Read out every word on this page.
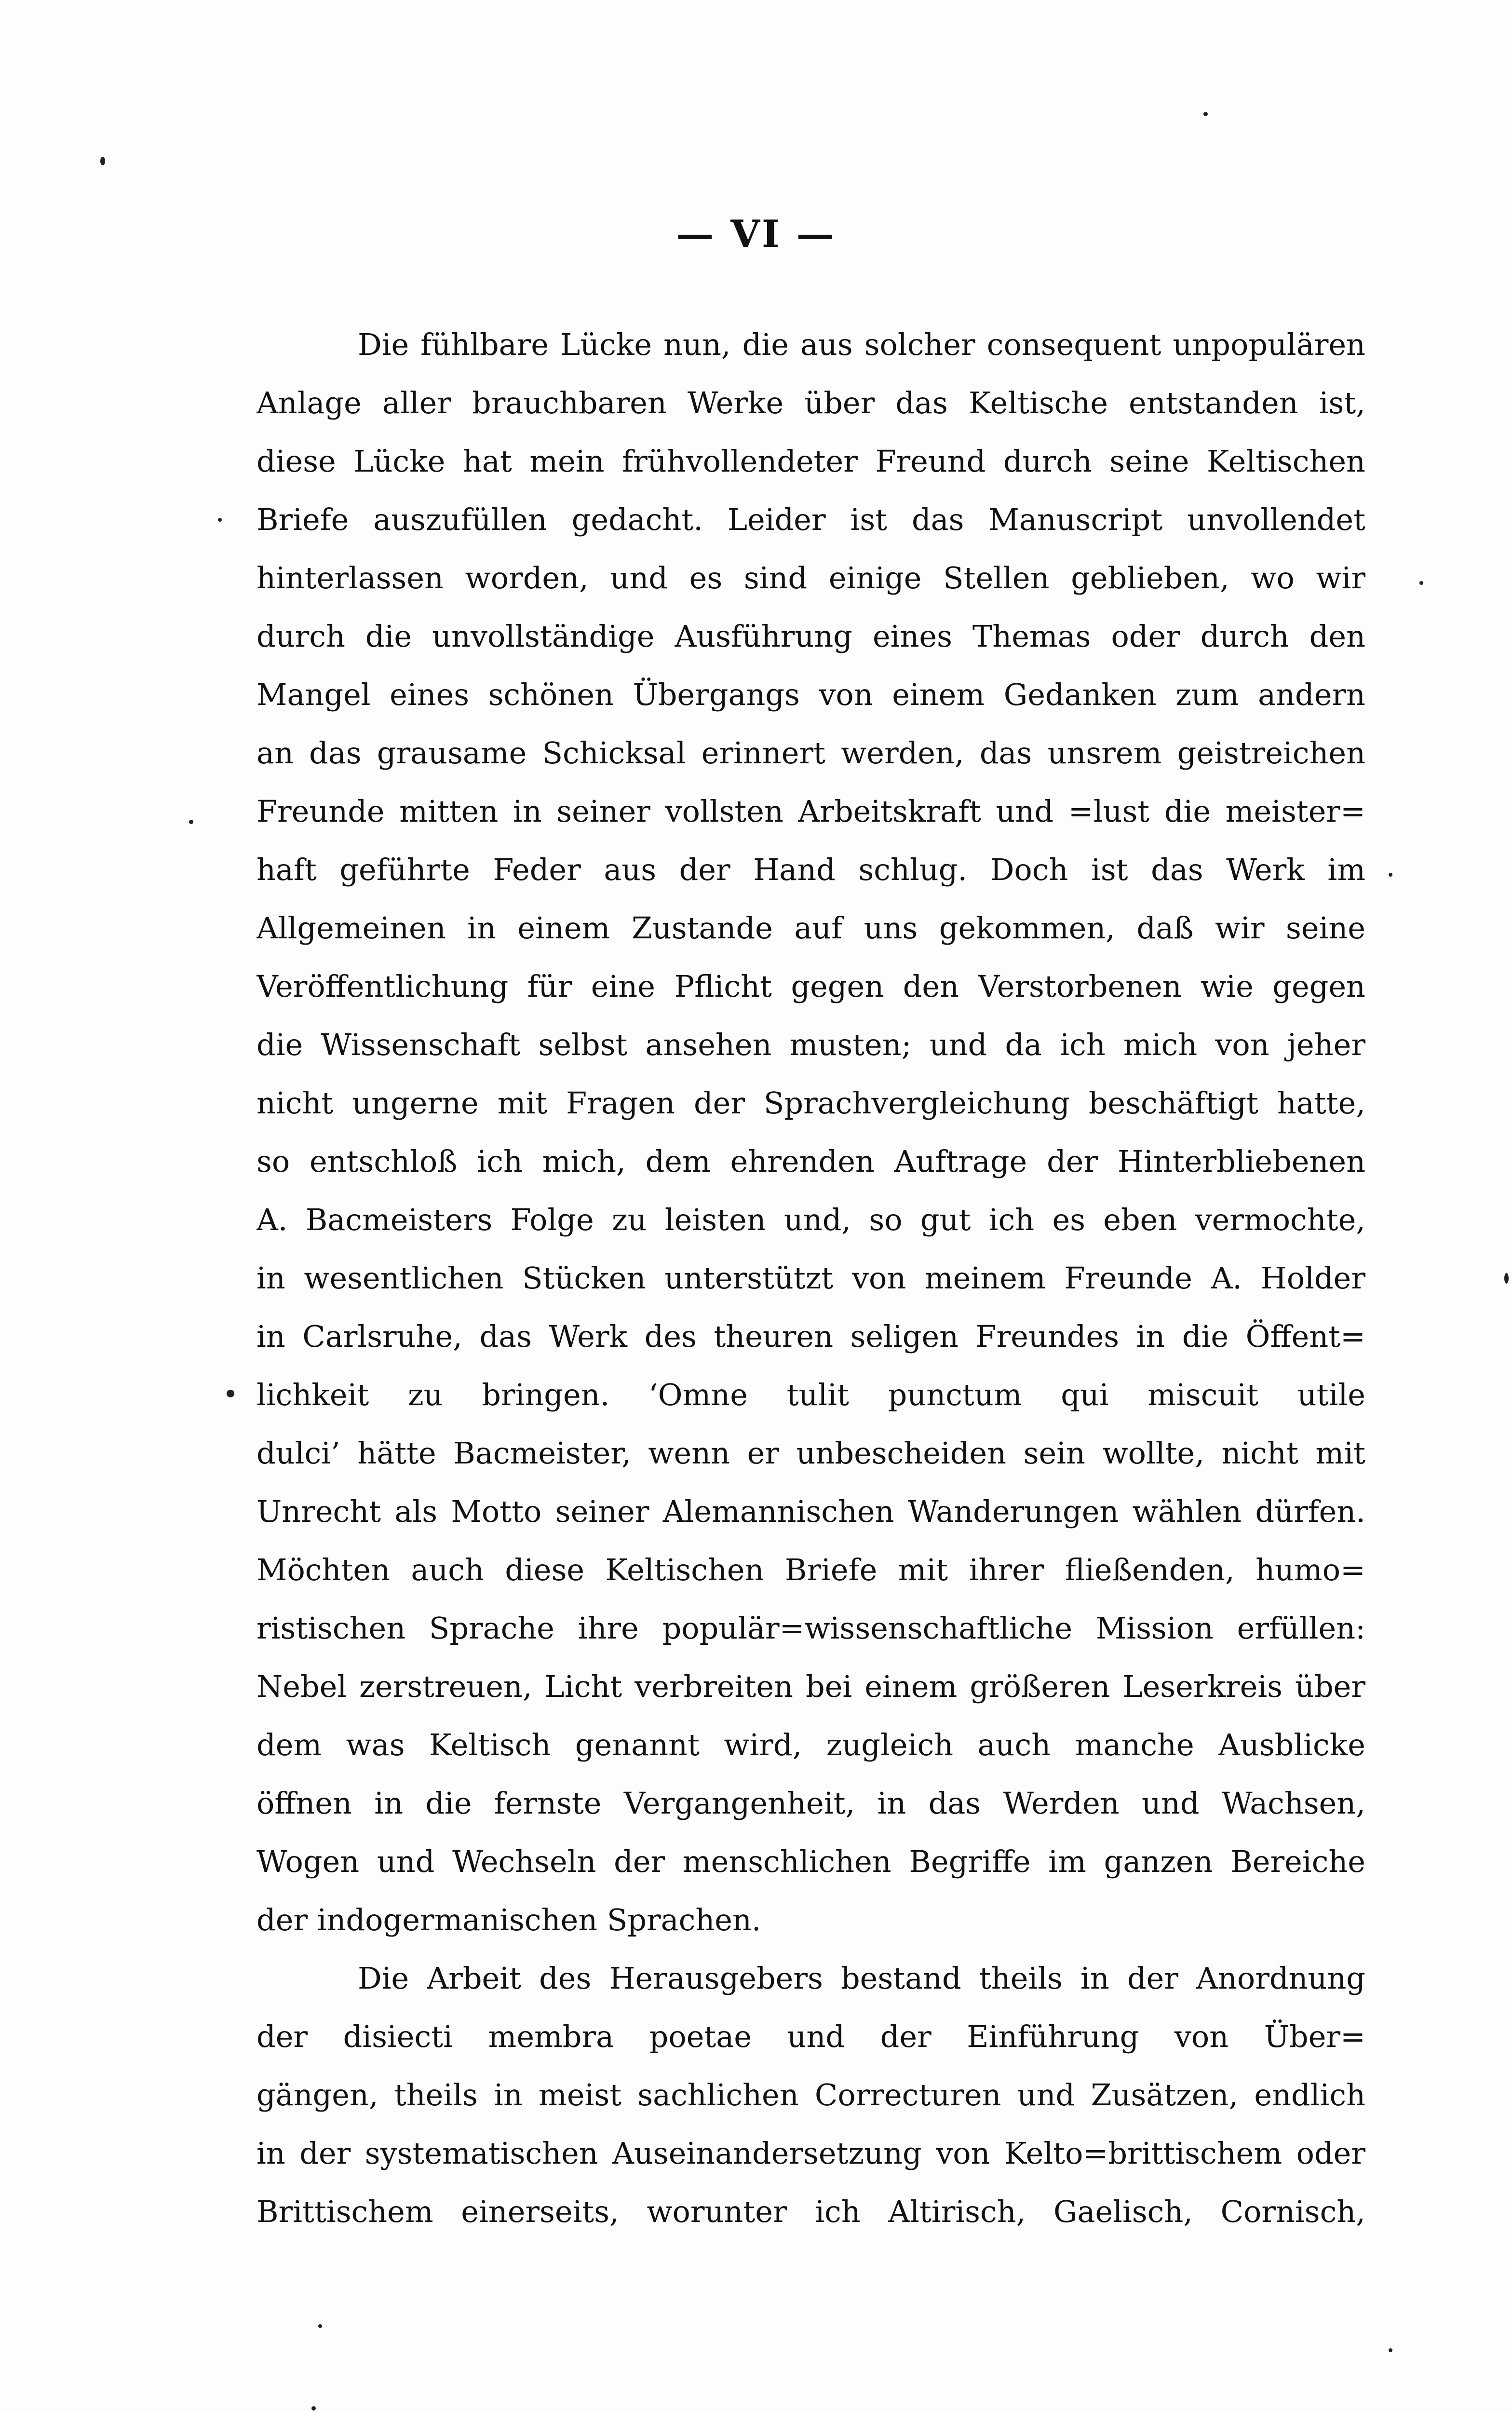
— VI —
Die fühlbare Lücke nun, die aus solcher consequent unpopulären
Anlage aller brauchbaren Werke über das Keltische entstanden ist,
diese Lücke hat mein frühvollendeter Freund durch seine Keltischen
Briefe auszufüllen gedacht. Leider ist das Manuscript unvollendet
hinterlassen worden, und es sind einige Stellen geblieben, wo wir
durch die unvollständige Ausführung eines Themas oder durch den
Mangel eines schönen Übergangs von einem Gedanken zum andern
an das grausame Schicksal erinnert werden, das unsrem geistreichen
Freunde mitten in seiner vollsten Arbeitskraft und =lust die meister=
haft geführte Feder aus der Hand schlug. Doch ist das Werk im
Allgemeinen in einem Zustande auf uns gekommen, daß wir seine
Veröffentlichung für eine Pflicht gegen den Verstorbenen wie gegen
die Wissenschaft selbst ansehen musten; und da ich mich von jeher
nicht ungerne mit Fragen der Sprachvergleichung beschäftigt hatte,
so entschloß ich mich, dem ehrenden Auftrage der Hinterbliebenen
A. Bacmeisters Folge zu leisten und, so gut ich es eben vermochte,
in wesentlichen Stücken unterstützt von meinem Freunde A. Holder
in Carlsruhe, das Werk des theuren seligen Freundes in die Öffent=
lichkeit zu bringen. ‘Omne tulit punctum qui miscuit utile
dulci’ hätte Bacmeister, wenn er unbescheiden sein wollte, nicht mit
Unrecht als Motto seiner Alemannischen Wanderungen wählen dürfen.
Möchten auch diese Keltischen Briefe mit ihrer fließenden, humo=
ristischen Sprache ihre populär=wissenschaftliche Mission erfüllen:
Nebel zerstreuen, Licht verbreiten bei einem größeren Leserkreis über
dem was Keltisch genannt wird, zugleich auch manche Ausblicke
öffnen in die fernste Vergangenheit, in das Werden und Wachsen,
Wogen und Wechseln der menschlichen Begriffe im ganzen Bereiche
der indogermanischen Sprachen.
Die Arbeit des Herausgebers bestand theils in der Anordnung
der disiecti membra poetae und der Einführung von Über=
gängen, theils in meist sachlichen Correcturen und Zusätzen, endlich
in der systematischen Auseinandersetzung von Kelto=brittischem oder
Brittischem einerseits, worunter ich Altirisch, Gaelisch, Cornisch,
